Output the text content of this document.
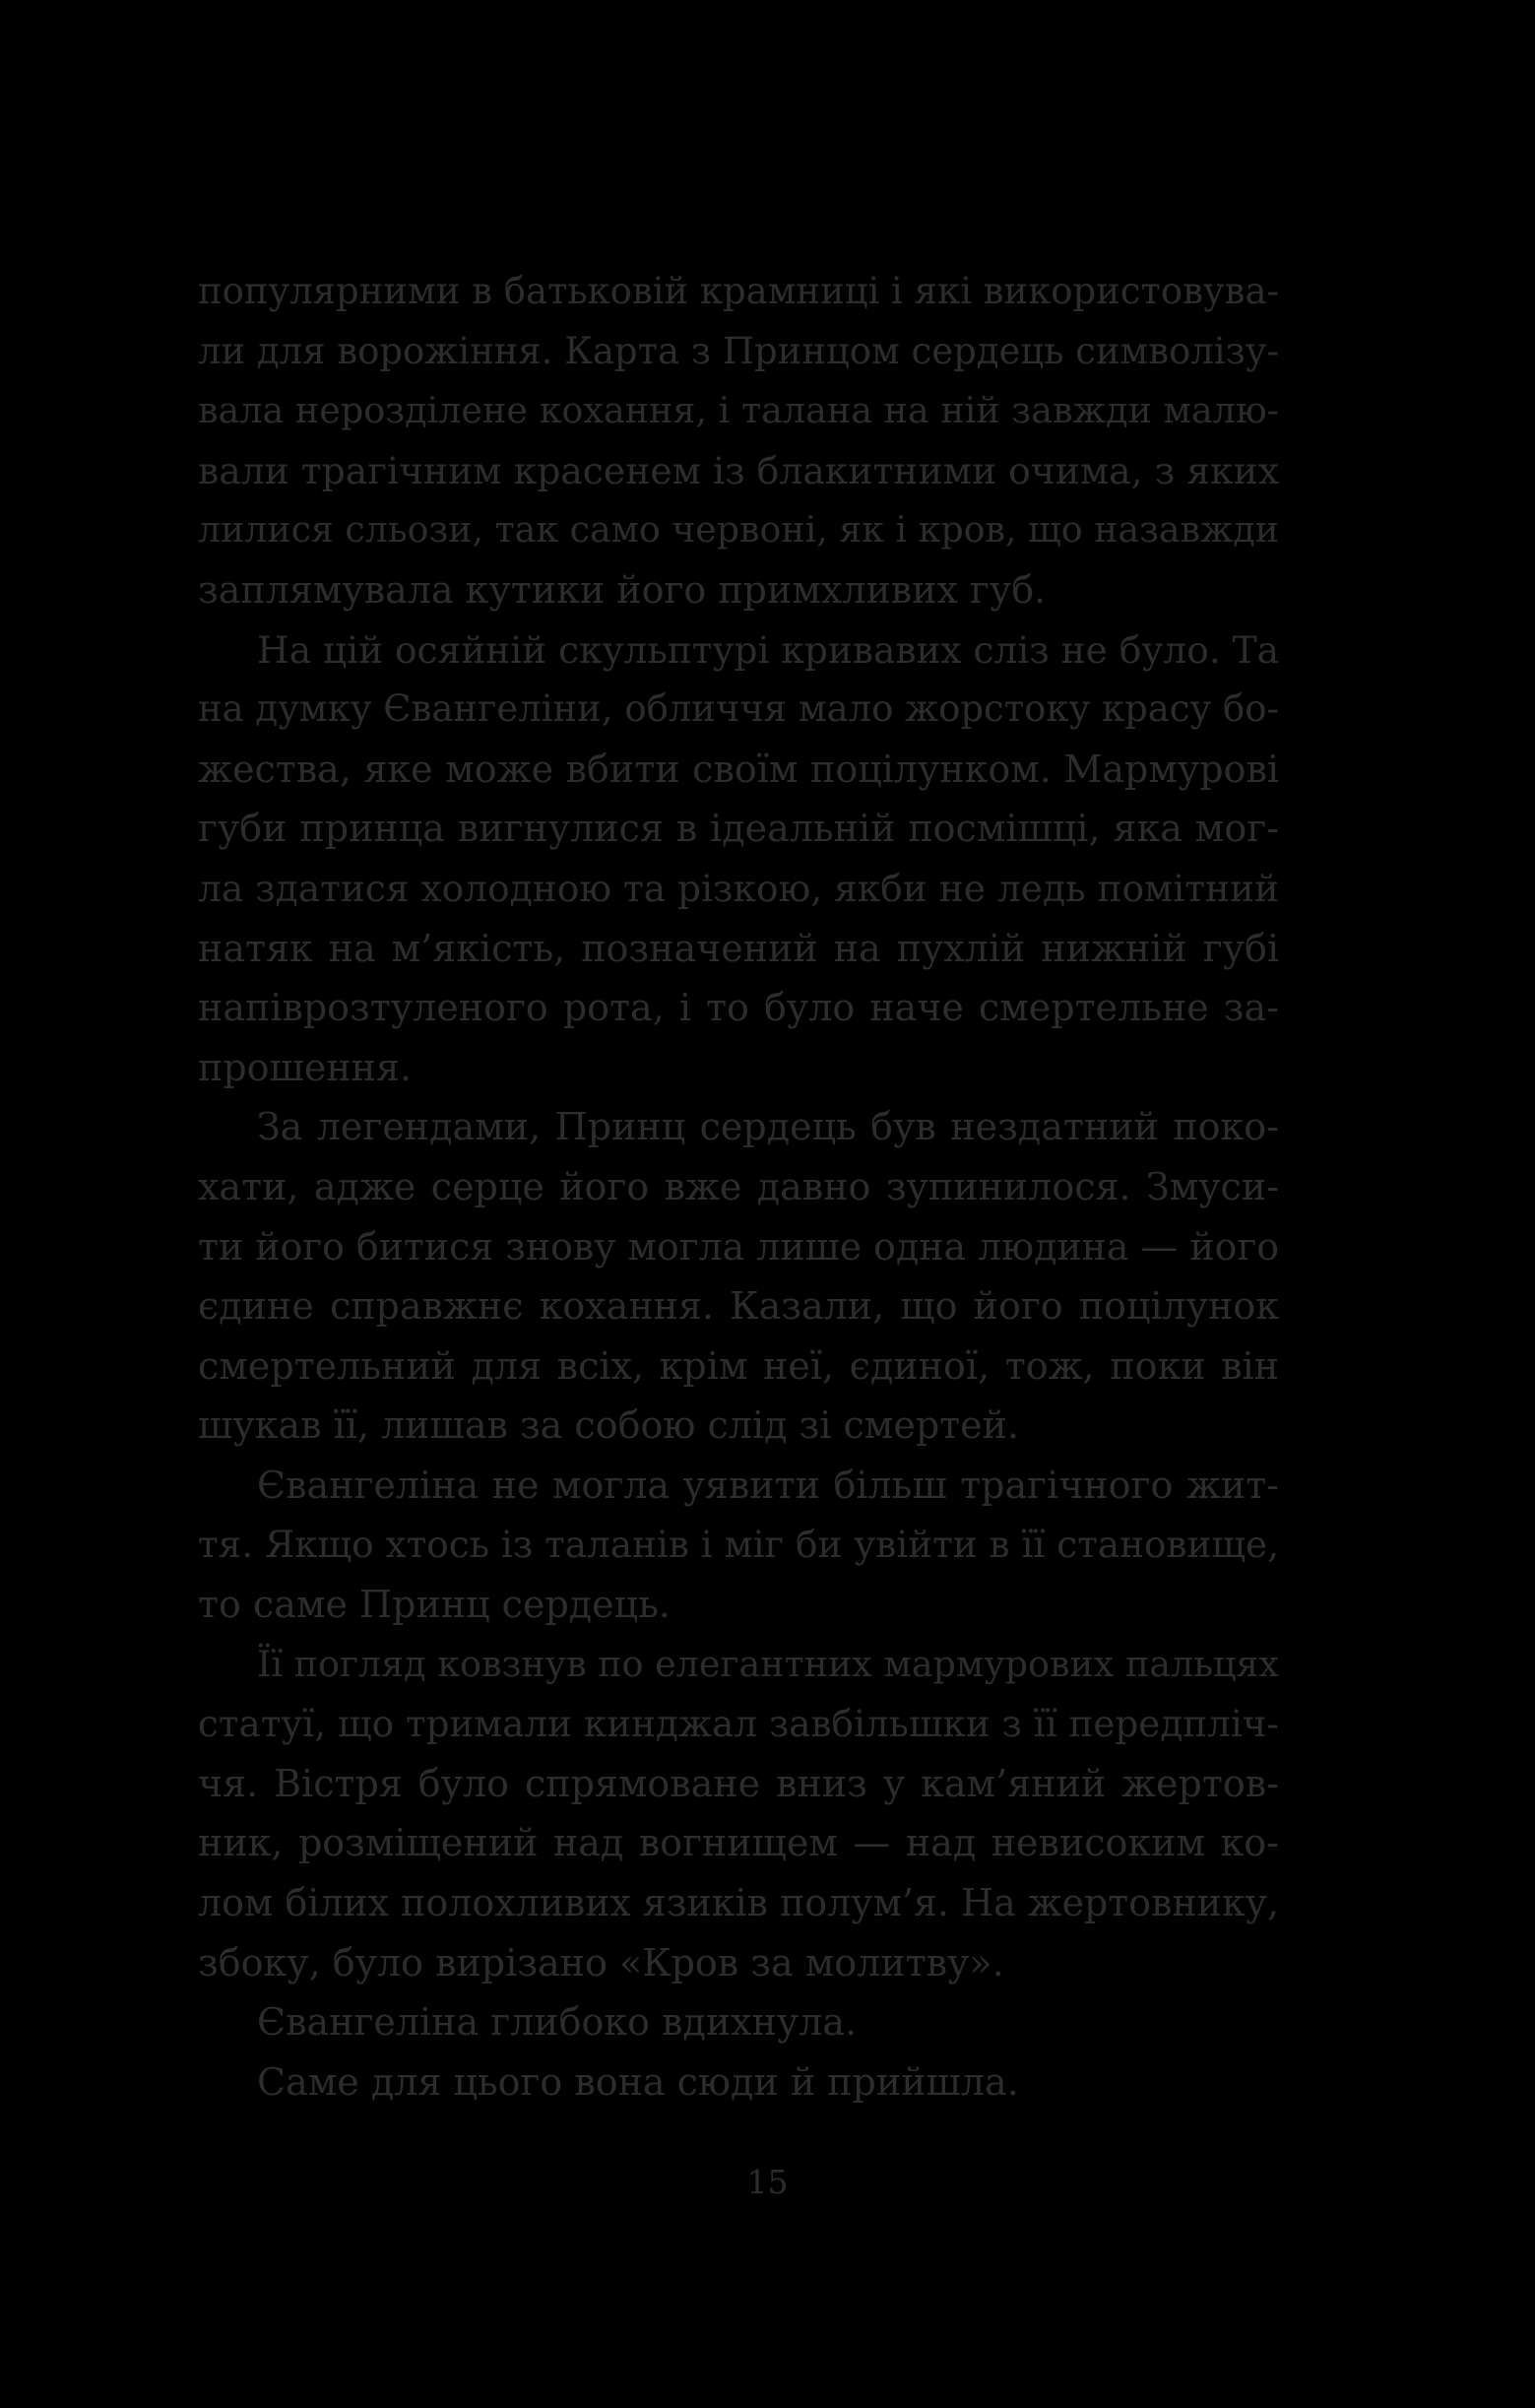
популярними в батьковій крамниці і які використовува-
ли для ворожіння. Карта з Принцом сердець символізу-
вала нерозділене кохання, і талана на ній завжди малю-
вали трагічним красенем із блакитними очима, з яких
лилися сльози, так само червоні, як і кров, що назавжди
заплямувала кутики його примхливих губ.
На цій осяйній скульптурі кривавих сліз не було. Та
на думку Євангеліни, обличчя мало жорстоку красу бо-
жества, яке може вбити своїм поцілунком. Мармурові
губи принца вигнулися в ідеальній посмішці, яка мог-
ла здатися холодною та різкою, якби не ледь помітний
натяк на м’якість, позначений на пухлій нижній губі
напіврозтуленого рота, і то було наче смертельне за-
прошення.
За легендами, Принц сердець був нездатний поко-
хати, адже серце його вже давно зупинилося. Змуси-
ти його битися знову могла лише одна людина — його
єдине справжнє кохання. Казали, що його поцілунок
смертельний для всіх, крім неї, єдиної, тож, поки він
шукав її, лишав за собою слід зі смертей.
Євангеліна не могла уявити більш трагічного жит-
тя. Якщо хтось із таланів і міг би увійти в її становище,
то саме Принц сердець.
Її погляд ковзнув по елегантних мармурових пальцях
статуї, що тримали кинджал завбільшки з її передпліч-
чя. Вістря було спрямоване вниз у кам’яний жертов-
ник, розміщений над вогнищем — над невисоким ко-
лом білих полохливих язиків полум’я. На жертовнику,
збоку, було вирізано «Кров за молитву».
Євангеліна глибоко вдихнула.
Саме для цього вона сюди й прийшла.
15
